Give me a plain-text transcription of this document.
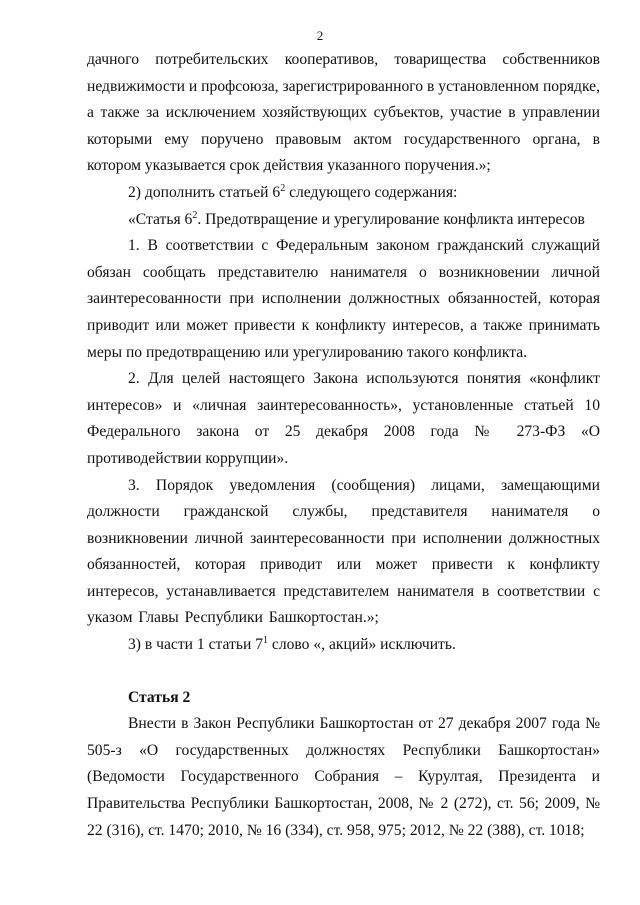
2

дачного потребительских кооперативов, товарищества собственников недвижимости и профсоюза, зарегистрированного в установленном порядке, а также за исключением хозяйствующих субъектов, участие в управлении которыми ему поручено правовым актом государственного органа, в котором указывается срок действия указанного поручения.»;

2) дополнить статьей $6^2$ следующего содержания:

«Статья $6^2$. Предотвращение и урегулирование конфликта интересов

1. В соответствии с Федеральным законом гражданский служащий обязан сообщать представителю нанимателя о возникновении личной заинтересованности при исполнении должностных обязанностей, которая приводит или может привести к конфликту интересов, а также принимать меры по предотвращению или урегулированию такого конфликта.

2. Для целей настоящего Закона используются понятия «конфликт интересов» и «личная заинтересованность», установленные статьей 10 Федерального закона от 25 декабря 2008 года № 273-ФЗ «О противодействии коррупции».

3. Порядок уведомления (сообщения) лицами, замещающими должности гражданской службы, представителя нанимателя о возникновении личной заинтересованности при исполнении должностных обязанностей, которая приводит или может привести к конфликту интересов, устанавливается представителем нанимателя в соответствии с указом Главы Республики Башкортостан.»;

3) в части 1 статьи $7^1$ слово «, акций» исключить.

Статья 2

Внести в Закон Республики Башкортостан от 27 декабря 2007 года № 505-з «О государственных должностях Республики Башкортостан» (Ведомости Государственного Собрания – Курултая, Президента и Правительства Республики Башкортостан, 2008, № 2 (272), ст. 56; 2009, № 22 (316), ст. 1470; 2010, № 16 (334), ст. 958, 975; 2012, № 22 (388), ст. 1018;
